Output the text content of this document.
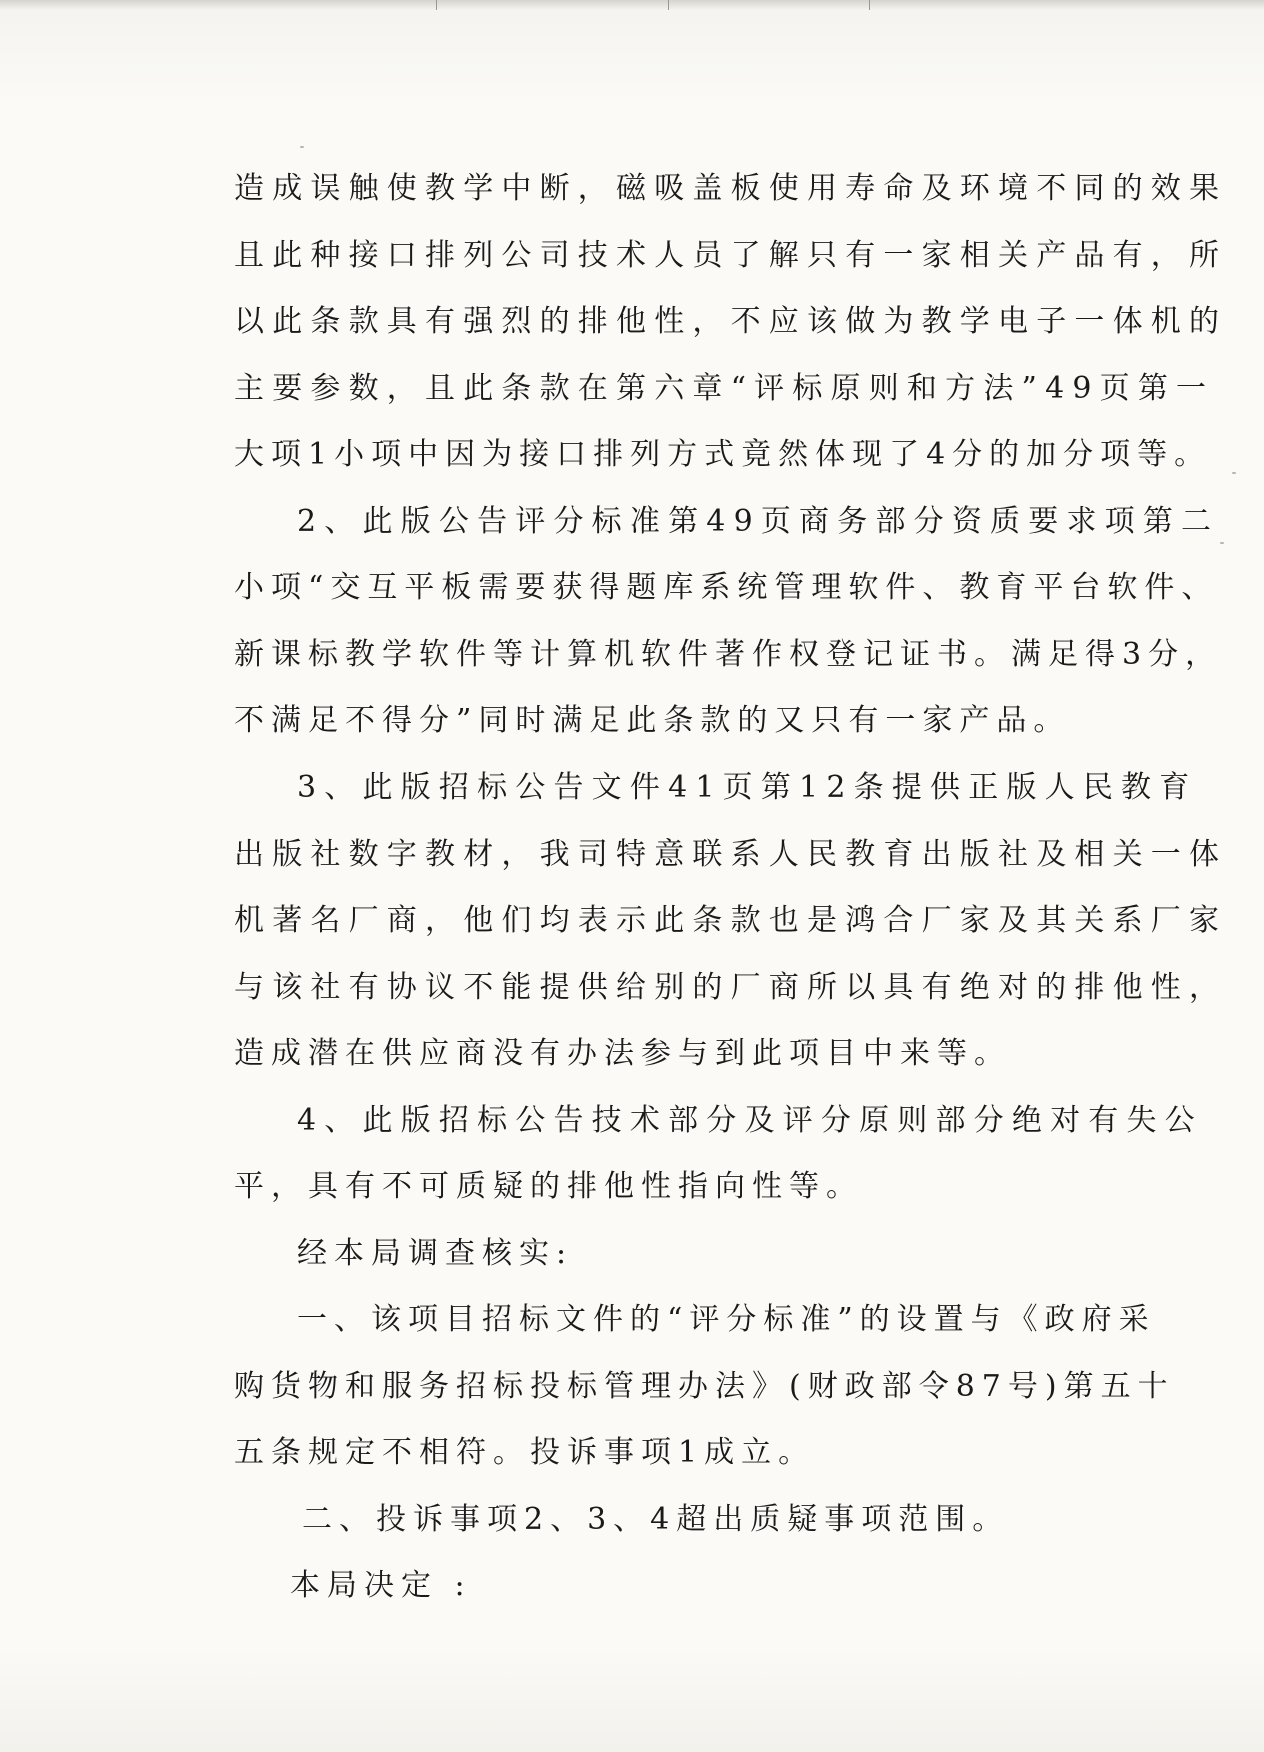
造成误触使教学中断，磁吸盖板使用寿命及环境不同的效果
且此种接口排列公司技术人员了解只有一家相关产品有，所
以此条款具有强烈的排他性，不应该做为教学电子一体机的
主要参数，且此条款在第六章“评标原则和方法”49页第一
大项1小项中因为接口排列方式竟然体现了4分的加分项等。
2、此版公告评分标准第49页商务部分资质要求项第二
小项“交互平板需要获得题库系统管理软件、教育平台软件、
新课标教学软件等计算机软件著作权登记证书。满足得3分，
不满足不得分”同时满足此条款的又只有一家产品。
3、此版招标公告文件41页第12条提供正版人民教育
出版社数字教材，我司特意联系人民教育出版社及相关一体
机著名厂商，他们均表示此条款也是鸿合厂家及其关系厂家
与该社有协议不能提供给别的厂商所以具有绝对的排他性，
造成潜在供应商没有办法参与到此项目中来等。
4、此版招标公告技术部分及评分原则部分绝对有失公
平，具有不可质疑的排他性指向性等。
经本局调查核实:
一、该项目招标文件的“评分标准”的设置与《政府采
购货物和服务招标投标管理办法》(财政部令87号)第五十
五条规定不相符。投诉事项1成立。
二、投诉事项2、3、4超出质疑事项范围。
本局决定 :
